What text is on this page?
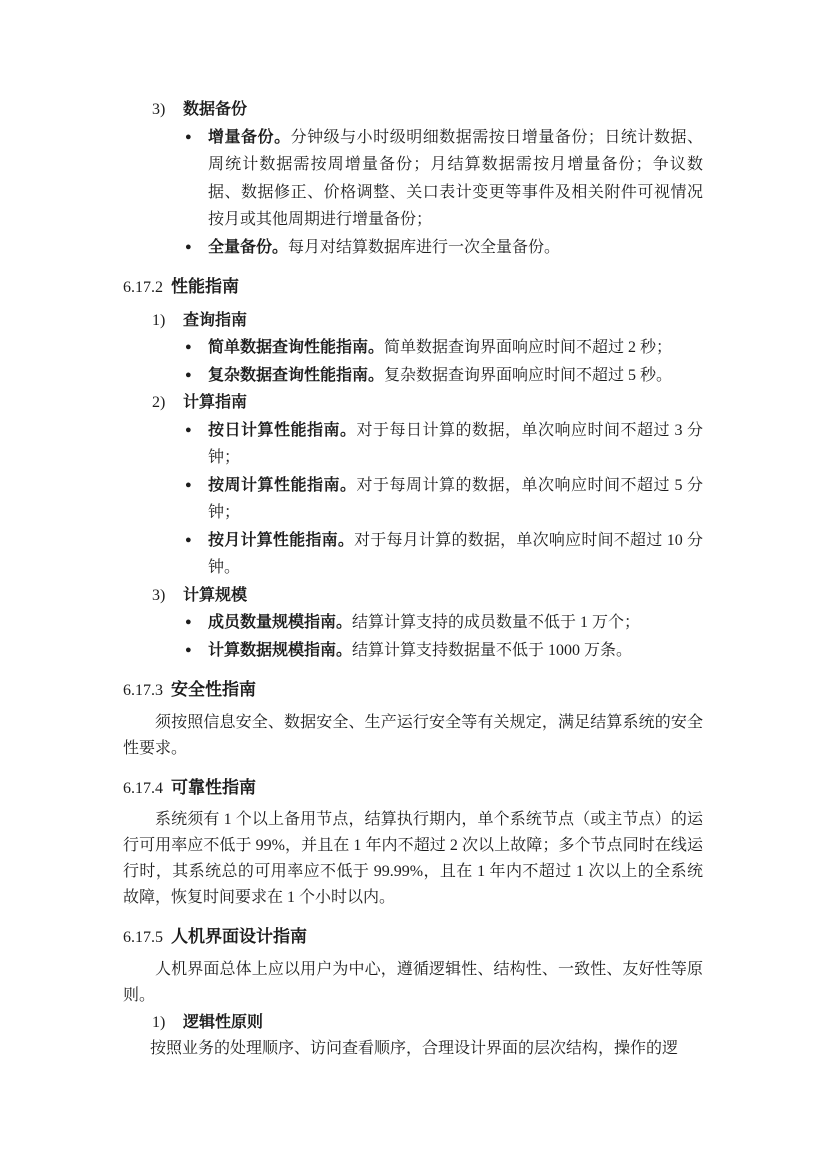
3) 数据备份
● 增量备份。分钟级与小时级明细数据需按日增量备份；日统计数据、周统计数据需按周增量备份；月结算数据需按月增量备份；争议数据、数据修正、价格调整、关口表计变更等事件及相关附件可视情况按月或其他周期进行增量备份；
● 全量备份。每月对结算数据库进行一次全量备份。
6.17.2 性能指南
1) 查询指南
● 简单数据查询性能指南。简单数据查询界面响应时间不超过 2 秒；
● 复杂数据查询性能指南。复杂数据查询界面响应时间不超过 5 秒。
2) 计算指南
● 按日计算性能指南。对于每日计算的数据，单次响应时间不超过 3 分钟；
● 按周计算性能指南。对于每周计算的数据，单次响应时间不超过 5 分钟；
● 按月计算性能指南。对于每月计算的数据，单次响应时间不超过 10 分钟。
3) 计算规模
● 成员数量规模指南。结算计算支持的成员数量不低于 1 万个；
● 计算数据规模指南。结算计算支持数据量不低于 1000 万条。
6.17.3 安全性指南

须按照信息安全、数据安全、生产运行安全等有关规定，满足结算系统的安全性要求。

6.17.4 可靠性指南

系统须有 1 个以上备用节点，结算执行期内，单个系统节点（或主节点）的运行可用率应不低于 99%，并且在 1 年内不超过 2 次以上故障；多个节点同时在线运行时，其系统总的可用率应不低于 99.99%，且在 1 年内不超过 1 次以上的全系统故障，恢复时间要求在 1 个小时以内。

6.17.5 人机界面设计指南

人机界面总体上应以用户为中心，遵循逻辑性、结构性、一致性、友好性等原则。

1) 逻辑性原则

按照业务的处理顺序、访问查看顺序，合理设计界面的层次结构，操作的逻
